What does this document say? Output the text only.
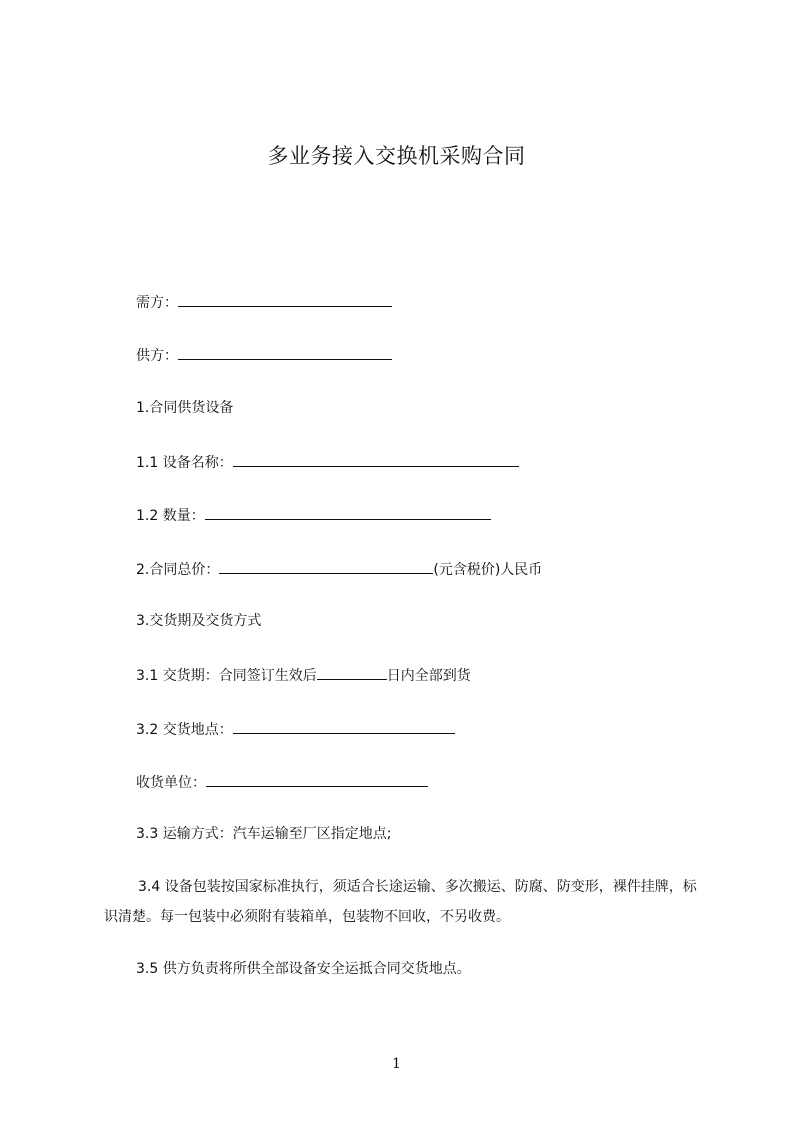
多业务接入交换机采购合同
需方：
供方：
1.合同供货设备
1.1 设备名称：
1.2 数量：
2.合同总价：	(元含税价)人民币
3.交货期及交货方式
3.1 交货期：合同签订生效后	日内全部到货
3.2 交货地点：
收货单位：
3.3 运输方式：汽车运输至厂区指定地点;
3.4 设备包装按国家标准执行，须适合长途运输、多次搬运、防腐、防变形，裸件挂牌，标识清楚。每一包装中必须附有装箱单，包装物不回收，不另收费。
3.5 供方负责将所供全部设备安全运抵合同交货地点。
1
